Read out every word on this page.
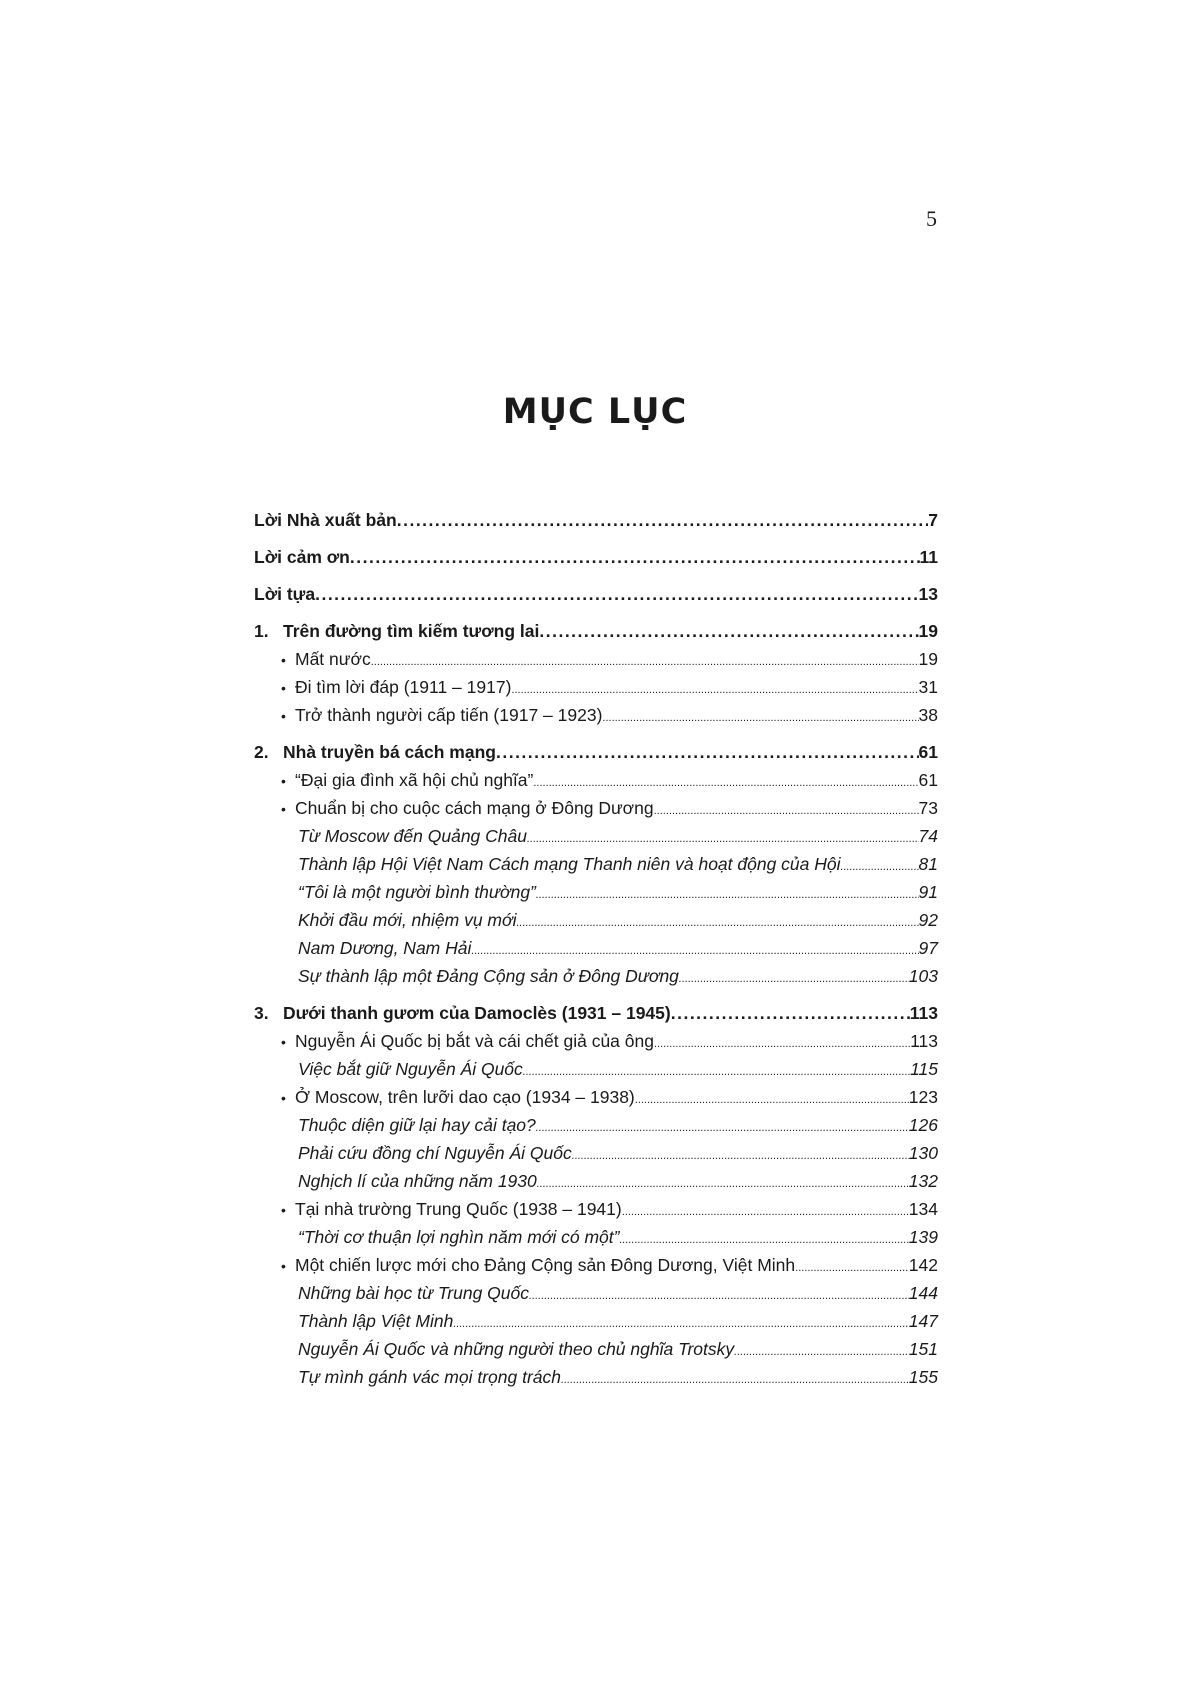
5
MỤC LỤC
Lời Nhà xuất bản .....	7
Lời cảm ơn .....	11
Lời tựa .....	13
1. Trên đường tìm kiếm tương lai .....	19
• Mất nước .....	19
• Đi tìm lời đáp (1911 – 1917) .....	31
• Trở thành người cấp tiến (1917 – 1923) .....	38
2. Nhà truyền bá cách mạng .....	61
• “Đại gia đình xã hội chủ nghĩa” .....	61
• Chuẩn bị cho cuộc cách mạng ở Đông Dương .....	73
Từ Moscow đến Quảng Châu .....	74
Thành lập Hội Việt Nam Cách mạng Thanh niên và hoạt động của Hội .....	81
“Tôi là một người bình thường” .....	91
Khởi đầu mới, nhiệm vụ mới .....	92
Nam Dương, Nam Hải .....	97
Sự thành lập một Đảng Cộng sản ở Đông Dương .....	103
3. Dưới thanh gươm của Damoclès (1931 – 1945) .....	113
• Nguyễn Ái Quốc bị bắt và cái chết giả của ông .....	113
Việc bắt giữ Nguyễn Ái Quốc .....	115
• Ở Moscow, trên lưỡi dao cạo (1934 – 1938) .....	123
Thuộc diện giữ lại hay cải tạo? .....	126
Phải cứu đồng chí Nguyễn Ái Quốc .....	130
Nghịch lí của những năm 1930 .....	132
• Tại nhà trường Trung Quốc (1938 – 1941) .....	134
“Thời cơ thuận lợi nghìn năm mới có một” .....	139
• Một chiến lược mới cho Đảng Cộng sản Đông Dương, Việt Minh .....	142
Những bài học từ Trung Quốc .....	144
Thành lập Việt Minh .....	147
Nguyễn Ái Quốc và những người theo chủ nghĩa Trotsky .....	151
Tự mình gánh vác mọi trọng trách .....	155
